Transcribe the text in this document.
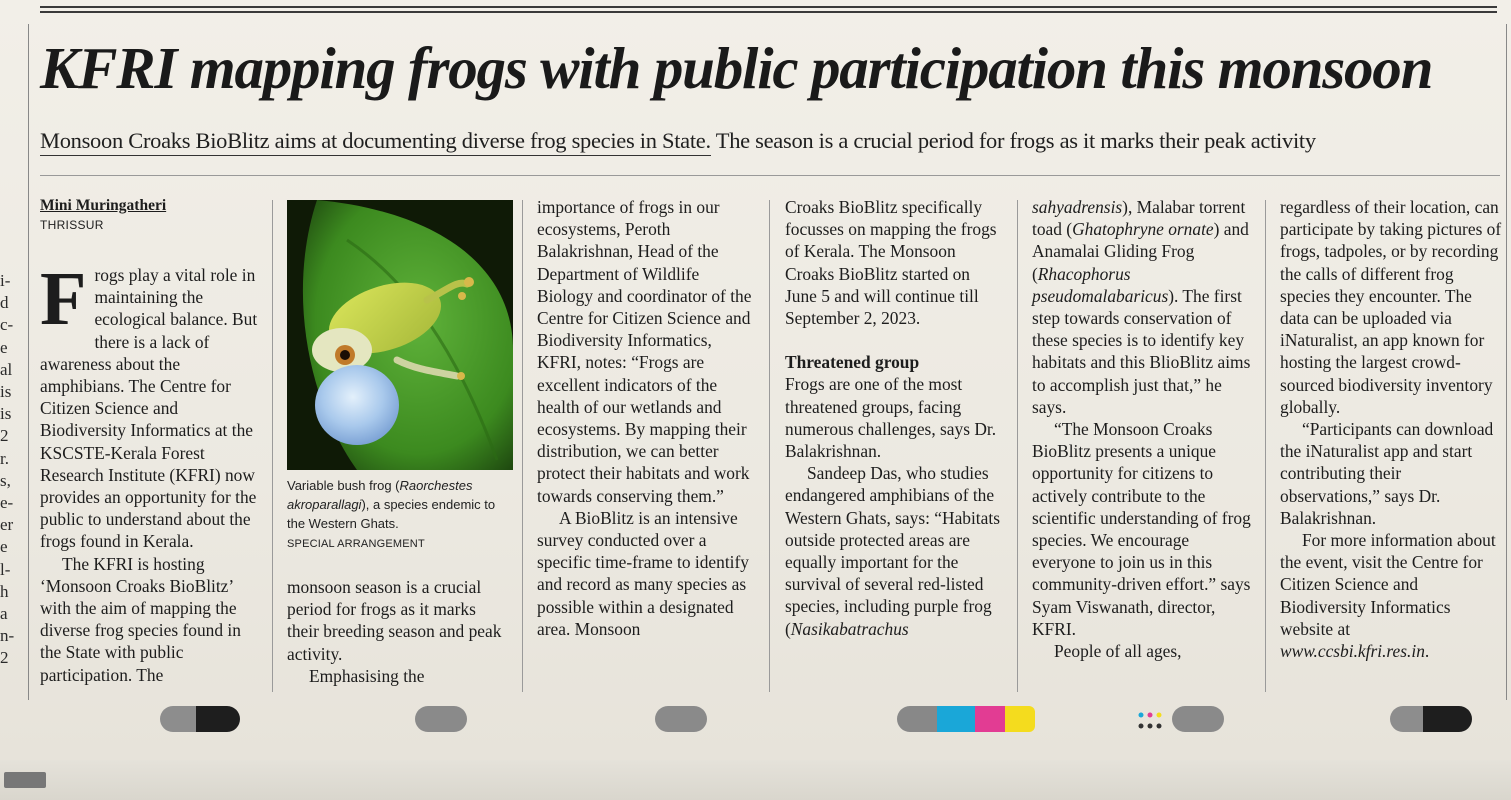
i-
d
c-
e
al
is
is
2
r.
s,
e-
er
e
l-
h
a
n-
2
KFRI mapping frogs with public participation this monsoon
Monsoon Croaks BioBlitz aims at documenting diverse frog species in State. The season is a crucial period for frogs as it marks their peak activity
Mini Muringatheri
THRISSUR

Frogs play a vital role in maintaining the ecological balance. But there is a lack of awareness about the amphibians. The Centre for Citizen Science and Biodiversity Informatics at the KSCSTE-Kerala Forest Research Institute (KFRI) now provides an opportunity for the public to understand about the frogs found in Kerala.

The KFRI is hosting ‘Monsoon Croaks BioBlitz’ with the aim of mapping the diverse frog species found in the State with public participation. The

Variable bush frog (Raorchestes akroparallagi), a species endemic to the Western Ghats.
SPECIAL ARRANGEMENT

monsoon season is a crucial period for frogs as it marks their breeding season and peak activity.

Emphasising the

importance of frogs in our ecosystems, Peroth Balakrishnan, Head of the Department of Wildlife Biology and coordinator of the Centre for Citizen Science and Biodiversity Informatics, KFRI, notes: “Frogs are excellent indicators of the health of our wetlands and ecosystems. By mapping their distribution, we can better protect their habitats and work towards conserving them.”

A BioBlitz is an intensive survey conducted over a specific time-frame to identify and record as many species as possible within a designated area. Monsoon

Croaks BioBlitz specifically focusses on mapping the frogs of Kerala. The Monsoon Croaks BioBlitz started on June 5 and will continue till September 2, 2023.

Threatened group

Frogs are one of the most threatened groups, facing numerous challenges, says Dr. Balakrishnan.

Sandeep Das, who studies endangered amphibians of the Western Ghats, says: “Habitats outside protected areas are equally important for the survival of several red-listed species, including purple frog (Nasikabatrachus

sahyadrensis), Malabar torrent toad (Ghatophryne ornate) and Anamalai Gliding Frog (Rhacophorus pseudomalabaricus). The first step towards conservation of these species is to identify key habitats and this BlioBlitz aims to accomplish just that,” he says.

“The Monsoon Croaks BioBlitz presents a unique opportunity for citizens to actively contribute to the scientific understanding of frog species. We encourage everyone to join us in this community-driven effort.” says Syam Viswanath, director, KFRI.

People of all ages,

regardless of their location, can participate by taking pictures of frogs, tadpoles, or by recording the calls of different frog species they encounter. The data can be uploaded via iNaturalist, an app known for hosting the largest crowd-sourced biodiversity inventory globally.

“Participants can download the iNaturalist app and start contributing their observations,” says Dr. Balakrishnan.

For more information about the event, visit the Centre for Citizen Science and Biodiversity Informatics website at www.ccsbi.kfri.res.in.
